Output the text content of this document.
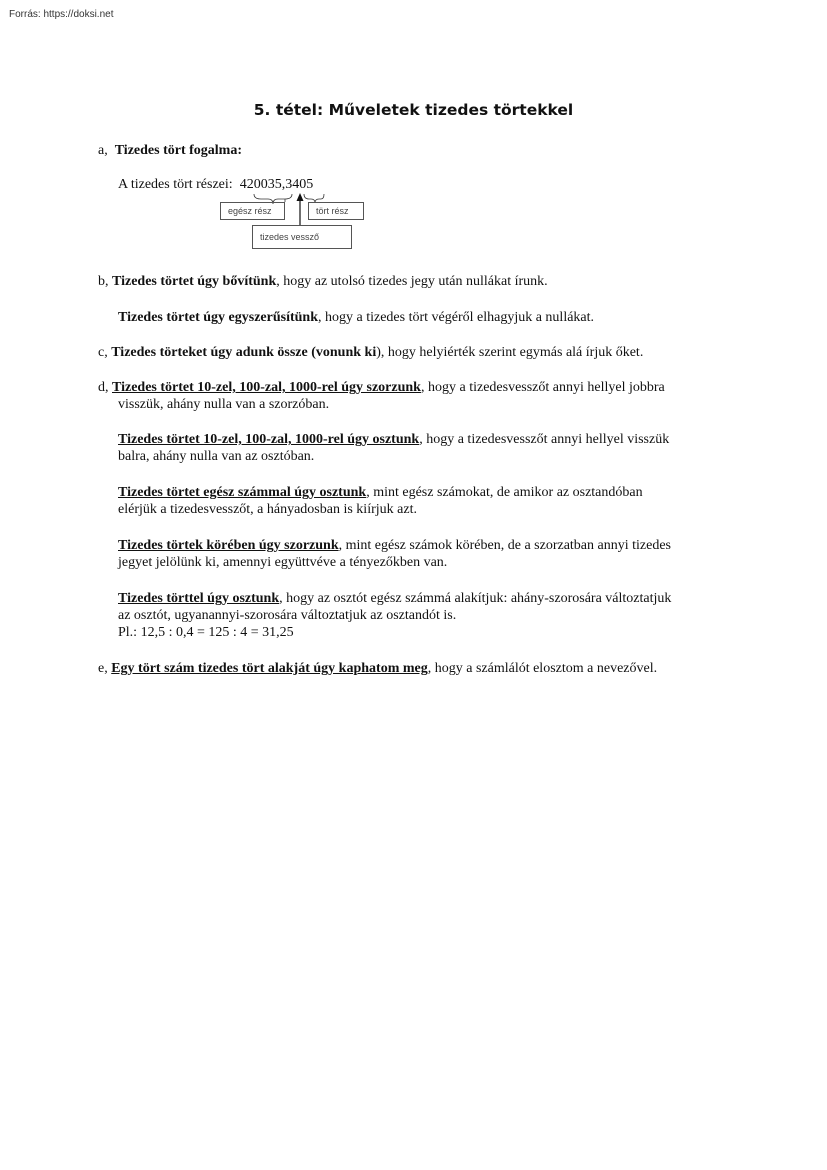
Forrás: https://doksi.net
5. tétel: Műveletek tizedes törtekkel
a, Tizedes tört fogalma:
A tizedes tört részei: 420035,3405
egész rész	tört rész
tizedes vessző
b, Tizedes törtet úgy bővítünk, hogy az utolsó tizedes jegy után nullákat írunk.
Tizedes törtet úgy egyszerűsítünk, hogy a tizedes tört végéről elhagyjuk a nullákat.
c, Tizedes törteket úgy adunk össze (vonunk ki), hogy helyiérték szerint egymás alá írjuk őket.
d, Tizedes törtet 10-zel, 100-zal, 1000-rel úgy szorzunk, hogy a tizedesvesszőt annyi hellyel jobbra
visszük, ahány nulla van a szorzóban.
Tizedes törtet 10-zel, 100-zal, 1000-rel úgy osztunk, hogy a tizedesvesszőt annyi hellyel visszük
balra, ahány nulla van az osztóban.
Tizedes törtet egész számmal úgy osztunk, mint egész számokat, de amikor az osztandóban
elérjük a tizedesvesszőt, a hányadosban is kiírjuk azt.
Tizedes törtek körében úgy szorzunk, mint egész számok körében, de a szorzatban annyi tizedes
jegyet jelölünk ki, amennyi együttvéve a tényezőkben van.
Tizedes törttel úgy osztunk, hogy az osztót egész számmá alakítjuk: ahány-szorosára változtatjuk
az osztót, ugyanannyi-szorosára változtatjuk az osztandót is.
Pl.: 12,5 : 0,4 = 125 : 4 = 31,25
e, Egy tört szám tizedes tört alakját úgy kaphatom meg, hogy a számlálót elosztom a nevezővel.
